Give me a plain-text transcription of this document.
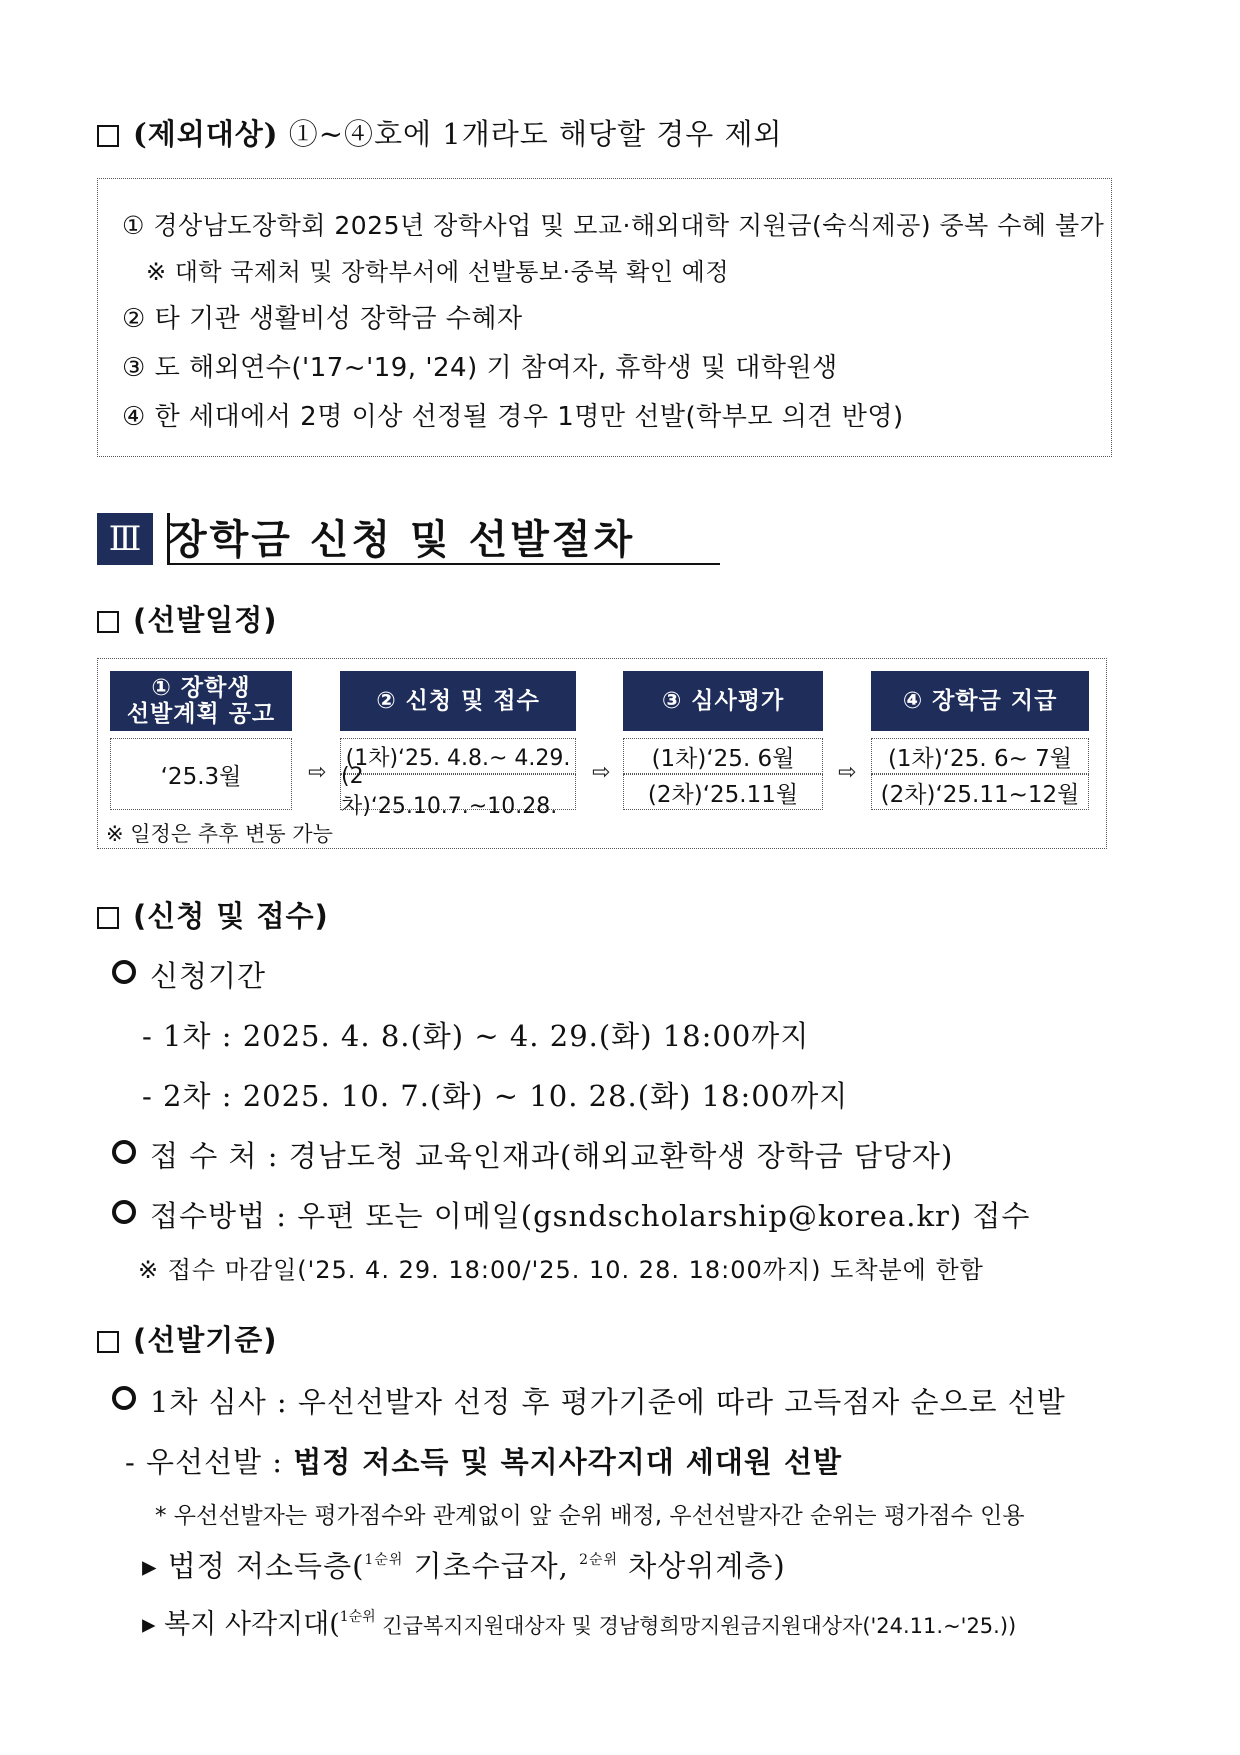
(제외대상) ①~④호에 1개라도 해당할 경우 제외
① 경상남도장학회 2025년 장학사업 및 모교·해외대학 지원금(숙식제공) 중복 수혜 불가
※ 대학 국제처 및 장학부서에 선발통보·중복 확인 예정
② 타 기관 생활비성 장학금 수혜자
③ 도 해외연수('17~'19, '24) 기 참여자, 휴학생 및 대학원생
④ 한 세대에서 2명 이상 선정될 경우 1명만 선발(학부모 의견 반영)
Ⅲ 장학금 신청 및 선발절차
(선발일정)
① 장학생
선발계획 공고
‘25.3월	⇨
② 신청 및 접수
(1차)‘25. 4.8.~ 4.29.
(2차)‘25.10.7.~10.28.
⇨
③ 심사평가
(1차)‘25. 6월
(2차)‘25.11월
⇨
④ 장학금 지급
(1차)‘25. 6~ 7월
(2차)‘25.11~12월
※ 일정은 추후 변동 가능
(신청 및 접수)
신청기간
- 1차 : 2025. 4. 8.(화) ~ 4. 29.(화) 18:00까지
- 2차 : 2025. 10. 7.(화) ~ 10. 28.(화) 18:00까지
접 수 처 : 경남도청 교육인재과(해외교환학생 장학금 담당자)
접수방법 : 우편 또는 이메일(gsndscholarship@korea.kr) 접수
※ 접수 마감일('25. 4. 29. 18:00/'25. 10. 28. 18:00까지) 도착분에 한함
(선발기준)
1차 심사 : 우선선발자 선정 후 평가기준에 따라 고득점자 순으로 선발
- 우선선발 : 법정 저소득 및 복지사각지대 세대원 선발
* 우선선발자는 평가점수와 관계없이 앞 순위 배정, 우선선발자간 순위는 평가점수 인용
▸ 법정 저소득층($^{1순위}$ 기초수급자, $^{2순위}$ 차상위계층)
▸ 복지 사각지대($^{1순위}$ 긴급복지지원대상자 및 경남형희망지원금지원대상자('24.11.~'25.))
